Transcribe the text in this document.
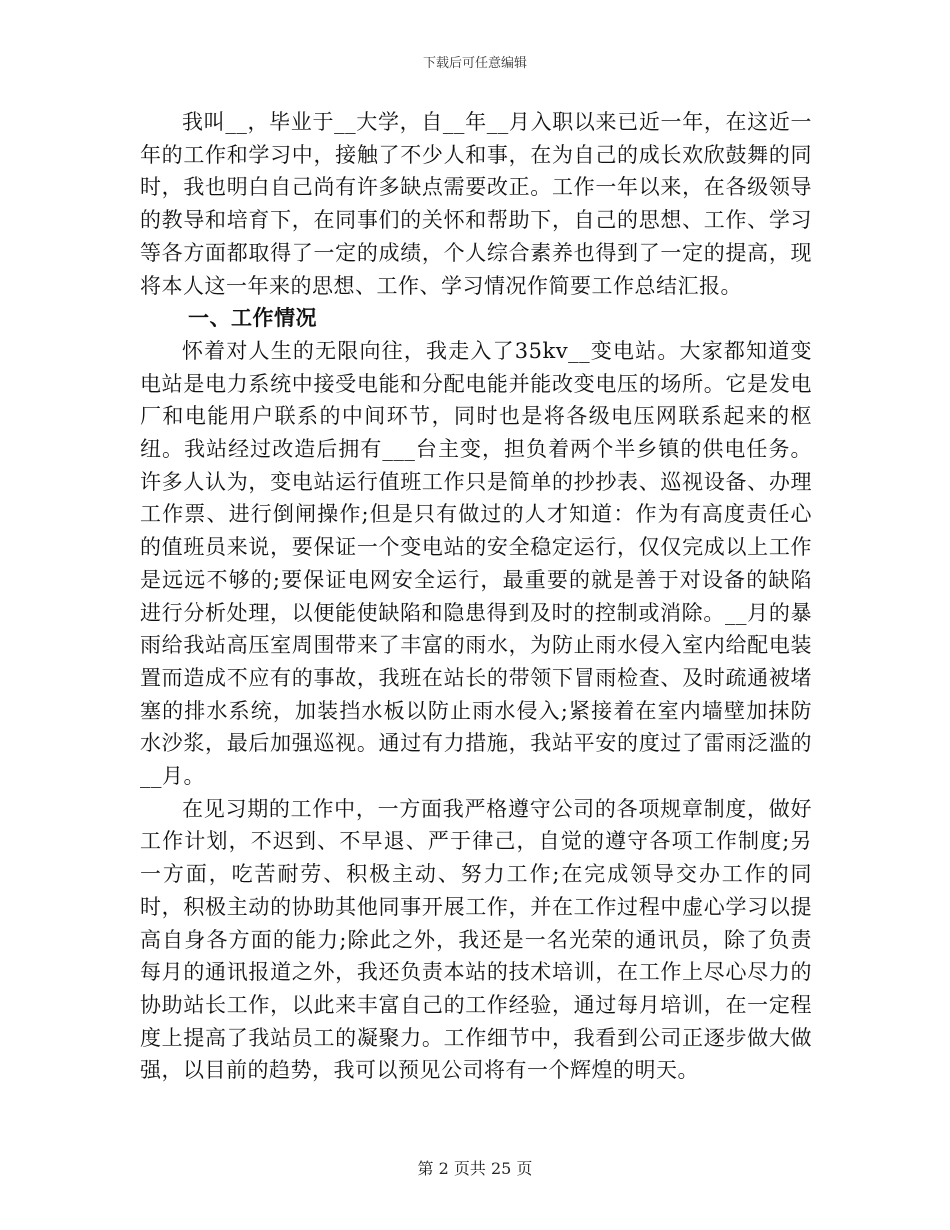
下载后可任意编辑

我叫__，毕业于__大学，自__年__月入职以来已近一年，在这近一年的工作和学习中，接触了不少人和事，在为自己的成长欢欣鼓舞的同时，我也明白自己尚有许多缺点需要改正。工作一年以来，在各级领导的教导和培育下，在同事们的关怀和帮助下，自己的思想、工作、学习等各方面都取得了一定的成绩，个人综合素养也得到了一定的提高，现将本人这一年来的思想、工作、学习情况作简要工作总结汇报。

一、工作情况

怀着对人生的无限向往，我走入了35kv__变电站。大家都知道变电站是电力系统中接受电能和分配电能并能改变电压的场所。它是发电厂和电能用户联系的中间环节，同时也是将各级电压网联系起来的枢纽。我站经过改造后拥有___台主变，担负着两个半乡镇的供电任务。许多人认为，变电站运行值班工作只是简单的抄抄表、巡视设备、办理工作票、进行倒闸操作;但是只有做过的人才知道：作为有高度责任心的值班员来说，要保证一个变电站的安全稳定运行，仅仅完成以上工作是远远不够的;要保证电网安全运行，最重要的就是善于对设备的缺陷进行分析处理，以便能使缺陷和隐患得到及时的控制或消除。__月的暴雨给我站高压室周围带来了丰富的雨水，为防止雨水侵入室内给配电装置而造成不应有的事故，我班在站长的带领下冒雨检查、及时疏通被堵塞的排水系统，加装挡水板以防止雨水侵入;紧接着在室内墙壁加抹防水沙浆，最后加强巡视。通过有力措施，我站平安的度过了雷雨泛滥的__月。

在见习期的工作中，一方面我严格遵守公司的各项规章制度，做好工作计划，不迟到、不早退、严于律己，自觉的遵守各项工作制度;另一方面，吃苦耐劳、积极主动、努力工作;在完成领导交办工作的同时，积极主动的协助其他同事开展工作，并在工作过程中虚心学习以提高自身各方面的能力;除此之外，我还是一名光荣的通讯员，除了负责每月的通讯报道之外，我还负责本站的技术培训，在工作上尽心尽力的协助站长工作，以此来丰富自己的工作经验，通过每月培训，在一定程度上提高了我站员工的凝聚力。工作细节中，我看到公司正逐步做大做强，以目前的趋势，我可以预见公司将有一个辉煌的明天。

第 2 页共 25 页
